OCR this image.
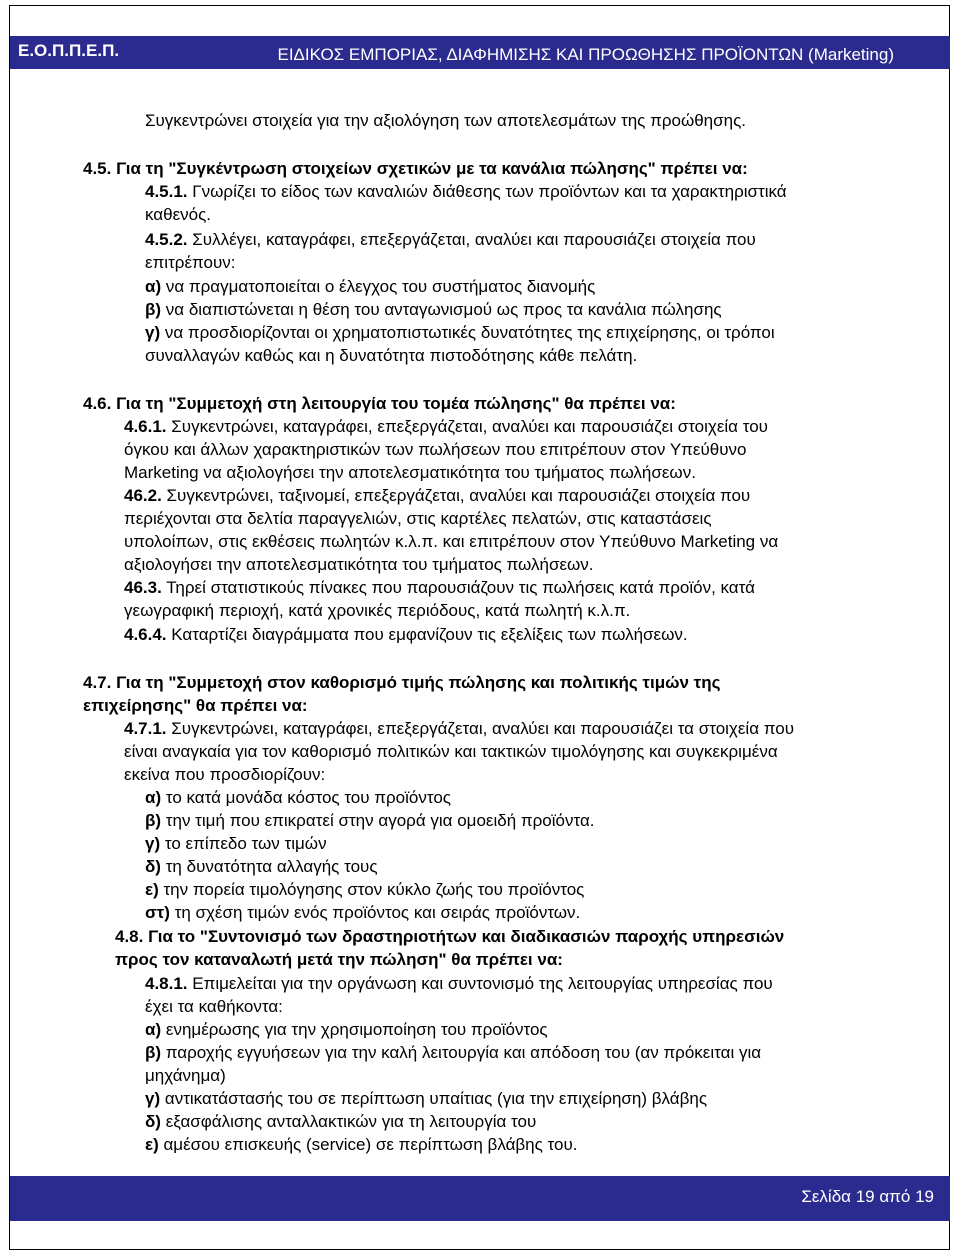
Ε.Ο.Π.Π.Ε.Π.	ΕΙΔΙΚΟΣ ΕΜΠΟΡΙΑΣ, ΔΙΑΦΗΜΙΣΗΣ ΚΑΙ ΠΡΟΩΘΗΣΗΣ ΠΡΟΪΟΝΤΩΝ (Marketing)
Συγκεντρώνει στοιχεία για την αξιολόγηση των αποτελεσμάτων της προώθησης.
4.5. Για τη "Συγκέντρωση στοιχείων σχετικών με τα κανάλια πώλησης" πρέπει να:
4.5.1. Γνωρίζει το είδος των καναλιών διάθεσης των προϊόντων και τα χαρακτηριστικά
καθενός.
4.5.2. Συλλέγει, καταγράφει, επεξεργάζεται, αναλύει και παρουσιάζει στοιχεία που
επιτρέπουν:
α) να πραγματοποιείται ο έλεγχος του συστήματος διανομής
β) να διαπιστώνεται η θέση του ανταγωνισμού ως προς τα κανάλια πώλησης
γ) να προσδιορίζονται οι χρηματοπιστωτικές δυνατότητες της επιχείρησης, οι τρόποι
συναλλαγών καθώς και η δυνατότητα πιστοδότησης κάθε πελάτη.
4.6. Για τη "Συμμετοχή στη λειτουργία του τομέα πώλησης" θα πρέπει να:
4.6.1. Συγκεντρώνει, καταγράφει, επεξεργάζεται, αναλύει και παρουσιάζει στοιχεία του
όγκου και άλλων χαρακτηριστικών των πωλήσεων που επιτρέπουν στον Υπεύθυνο
Marketing να αξιολογήσει την αποτελεσματικότητα του τμήματος πωλήσεων.
46.2. Συγκεντρώνει, ταξινομεί, επεξεργάζεται, αναλύει και παρουσιάζει στοιχεία που
περιέχονται στα δελτία παραγγελιών, στις καρτέλες πελατών, στις καταστάσεις
υπολοίπων, στις εκθέσεις πωλητών κ.λ.π. και επιτρέπουν στον Υπεύθυνο Marketing να
αξιολογήσει την αποτελεσματικότητα του τμήματος πωλήσεων.
46.3. Τηρεί στατιστικούς πίνακες που παρουσιάζουν τις πωλήσεις κατά προϊόν, κατά
γεωγραφική περιοχή, κατά χρονικές περιόδους, κατά πωλητή κ.λ.π.
4.6.4. Καταρτίζει διαγράμματα που εμφανίζουν τις εξελίξεις των πωλήσεων.
4.7. Για τη "Συμμετοχή στον καθορισμό τιμής πώλησης και πολιτικής τιμών της
επιχείρησης" θα πρέπει να:
4.7.1. Συγκεντρώνει, καταγράφει, επεξεργάζεται, αναλύει και παρουσιάζει τα στοιχεία που
είναι αναγκαία για τον καθορισμό πολιτικών και τακτικών τιμολόγησης και συγκεκριμένα
εκείνα που προσδιορίζουν:
α) το κατά μονάδα κόστος του προϊόντος
β) την τιμή που επικρατεί στην αγορά για ομοειδή προϊόντα.
γ) το επίπεδο των τιμών
δ) τη δυνατότητα αλλαγής τους
ε) την πορεία τιμολόγησης στον κύκλο ζωής του προϊόντος
στ) τη σχέση τιμών ενός προϊόντος και σειράς προϊόντων.
4.8. Για το "Συντονισμό των δραστηριοτήτων και διαδικασιών παροχής υπηρεσιών
προς τον καταναλωτή μετά την πώληση" θα πρέπει να:
4.8.1. Επιμελείται για την οργάνωση και συντονισμό της λειτουργίας υπηρεσίας που
έχει τα καθήκοντα:
α) ενημέρωσης για την χρησιμοποίηση του προϊόντος
β) παροχής εγγυήσεων για την καλή λειτουργία και απόδοση του (αν πρόκειται για
μηχάνημα)
γ) αντικατάστασής του σε περίπτωση υπαίτιας (για την επιχείρηση) βλάβης
δ) εξασφάλισης ανταλλακτικών για τη λειτουργία του
ε) αμέσου επισκευής (service) σε περίπτωση βλάβης του.
Σελίδα 19 από 19
